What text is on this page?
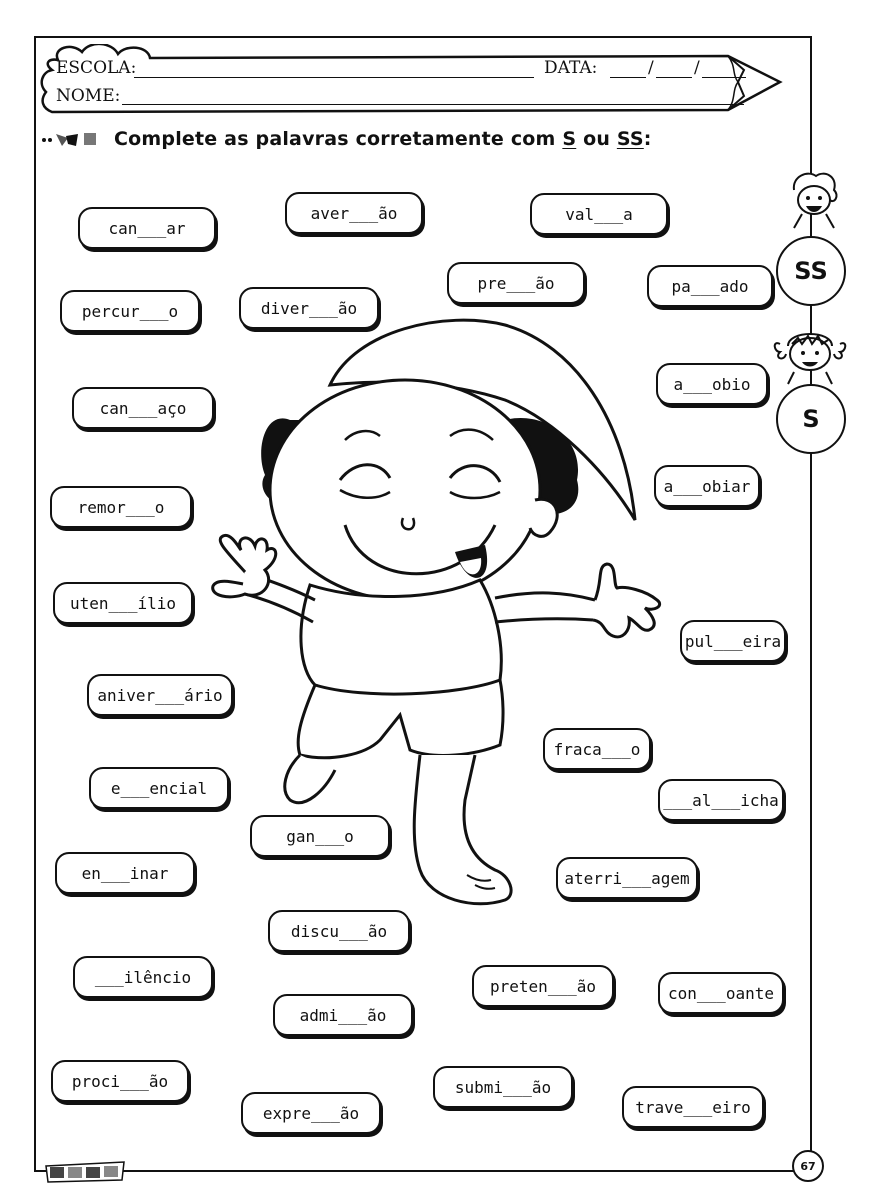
ESCOLA:	DATA:	/ /
NOME:
Complete as palavras corretamente com S ou SS:
SS
S
can___ar
aver___ão	val___a
pre___ão	pa___ado
percur___o	diver___ão
a___obio
can___aço
a___obiar
remor___o
uten___ílio
pul___eira
aniver___ário
fraca___o
e___encial
___al___icha
gan___o
en___inar	aterri___agem
discu___ão
___ilêncio	preten___ão	con___oante
admi___ão
proci___ão	submi___ão
trave___eiro
expre___ão
67
